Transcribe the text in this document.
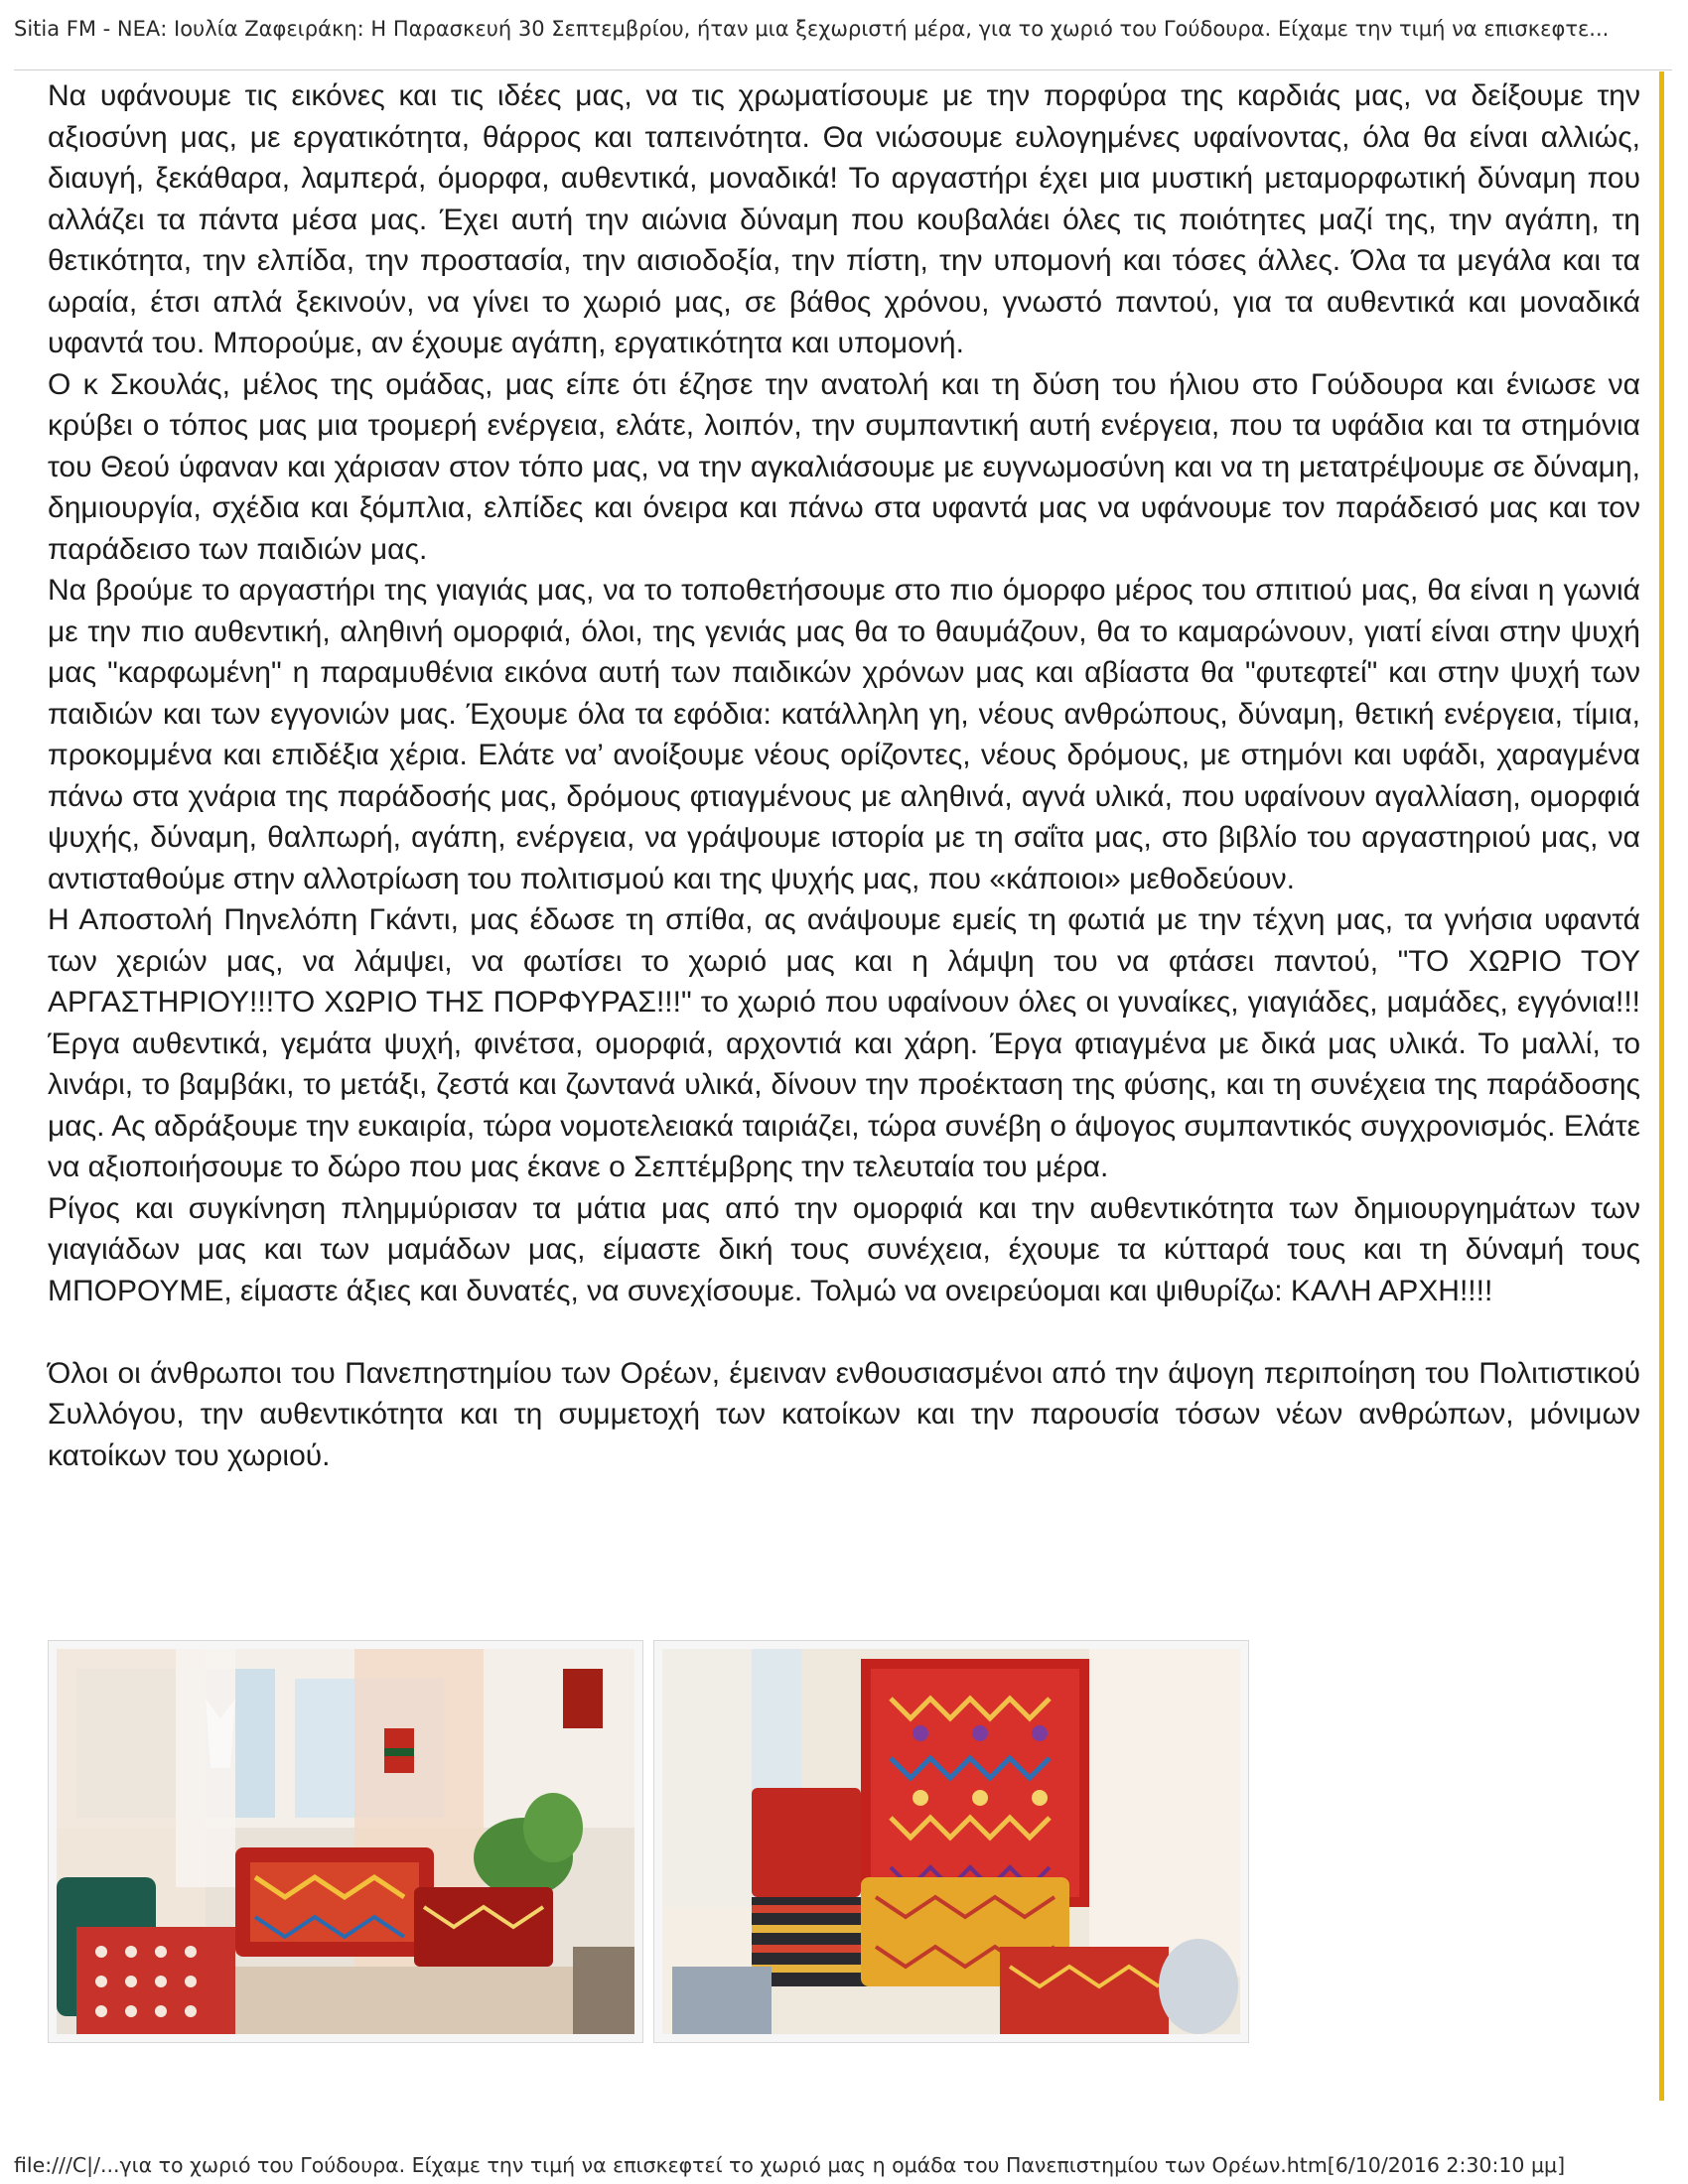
Sitia FM - ΝΕΑ: Ιουλία Ζαφειράκη: Η Παρασκευή 30 Σεπτεμβρίου, ήταν μια ξεχωριστή μέρα, για το χωριό του Γούδουρα. Είχαμε την τιμή να επισκεφτε...

Να υφάνουμε τις εικόνες και τις ιδέες μας, να τις χρωματίσουμε με την πορφύρα της καρδιάς μας, να δείξουμε την αξιοσύνη μας, με εργατικότητα, θάρρος και ταπεινότητα. Θα νιώσουμε ευλογημένες υφαίνοντας, όλα θα είναι αλλιώς, διαυγή, ξεκάθαρα, λαμπερά, όμορφα, αυθεντικά, μοναδικά! Το αργαστήρι έχει μια μυστική μεταμορφωτική δύναμη που αλλάζει τα πάντα μέσα μας. Έχει αυτή την αιώνια δύναμη που κουβαλάει όλες τις ποιότητες μαζί της, την αγάπη, τη θετικότητα, την ελπίδα, την προστασία, την αισιοδοξία, την πίστη, την υπομονή και τόσες άλλες. Όλα τα μεγάλα και τα ωραία, έτσι απλά ξεκινούν, να γίνει το χωριό μας, σε βάθος χρόνου, γνωστό παντού, για τα αυθεντικά και μοναδικά υφαντά του. Μπορούμε, αν έχουμε αγάπη, εργατικότητα και υπομονή.

Ο κ Σκουλάς, μέλος της ομάδας, μας είπε ότι έζησε την ανατολή και τη δύση του ήλιου στο Γούδουρα και ένιωσε να κρύβει ο τόπος μας μια τρομερή ενέργεια, ελάτε, λοιπόν, την συμπαντική αυτή ενέργεια, που τα υφάδια και τα στημόνια του Θεού ύφαναν και χάρισαν στον τόπο μας, να την αγκαλιάσουμε με ευγνωμοσύνη και να τη μετατρέψουμε σε δύναμη, δημιουργία, σχέδια και ξόμπλια, ελπίδες και όνειρα και πάνω στα υφαντά μας να υφάνουμε τον παράδεισό μας και τον παράδεισο των παιδιών μας.

Να βρούμε το αργαστήρι της γιαγιάς μας, να το τοποθετήσουμε στο πιο όμορφο μέρος του σπιτιού μας, θα είναι η γωνιά με την πιο αυθεντική, αληθινή ομορφιά, όλοι, της γενιάς μας θα το θαυμάζουν, θα το καμαρώνουν, γιατί είναι στην ψυχή μας "καρφωμένη" η παραμυθένια εικόνα αυτή των παιδικών χρόνων μας και αβίαστα θα "φυτεφτεί" και στην ψυχή των παιδιών και των εγγονιών μας. Έχουμε όλα τα εφόδια: κατάλληλη γη, νέους ανθρώπους, δύναμη, θετική ενέργεια, τίμια, προκομμένα και επιδέξια χέρια. Ελάτε να’ ανοίξουμε νέους ορίζοντες, νέους δρόμους, με στημόνι και υφάδι, χαραγμένα πάνω στα χνάρια της παράδοσής μας, δρόμους φτιαγμένους με αληθινά, αγνά υλικά, που υφαίνουν αγαλλίαση, ομορφιά ψυχής, δύναμη, θαλπωρή, αγάπη, ενέργεια, να γράψουμε ιστορία με τη σαΐτα μας, στο βιβλίο του αργαστηριού μας, να αντισταθούμε στην αλλοτρίωση του πολιτισμού και της ψυχής μας, που «κάποιοι» μεθοδεύουν.

Η Αποστολή Πηνελόπη Γκάντι, μας έδωσε τη σπίθα, ας ανάψουμε εμείς τη φωτιά με την τέχνη μας, τα γνήσια υφαντά των χεριών μας, να λάμψει, να φωτίσει το χωριό μας και η λάμψη του να φτάσει παντού, "ΤΟ ΧΩΡΙΟ ΤΟΥ ΑΡΓΑΣΤΗΡΙΟΥ!!!ΤΟ ΧΩΡΙΟ ΤΗΣ ΠΟΡΦΥΡΑΣ!!!" το χωριό που υφαίνουν όλες οι γυναίκες, γιαγιάδες, μαμάδες, εγγόνια!!!Έργα αυθεντικά, γεμάτα ψυχή, φινέτσα, ομορφιά, αρχοντιά και χάρη. Έργα φτιαγμένα με δικά μας υλικά. Το μαλλί, το λινάρι, το βαμβάκι, το μετάξι, ζεστά και ζωντανά υλικά, δίνουν την προέκταση της φύσης, και τη συνέχεια της παράδοσης μας. Ας αδράξουμε την ευκαιρία, τώρα νομοτελειακά ταιριάζει, τώρα συνέβη ο άψογος συμπαντικός συγχρονισμός. Ελάτε να αξιοποιήσουμε το δώρο που μας έκανε ο Σεπτέμβρης την τελευταία του μέρα.

Ρίγος και συγκίνηση πλημμύρισαν τα μάτια μας από την ομορφιά και την αυθεντικότητα των δημιουργημάτων των γιαγιάδων μας και των μαμάδων μας, είμαστε δική τους συνέχεια, έχουμε τα κύτταρά τους και τη δύναμή τους ΜΠΟΡΟΥΜΕ, είμαστε άξιες και δυνατές, να συνεχίσουμε. Τολμώ να ονειρεύομαι και ψιθυρίζω: ΚΑΛΗ ΑΡΧΗ!!!!

Όλοι οι άνθρωποι του Πανεπηστημίου των Ορέων, έμειναν ενθουσιασμένοι από την άψογη περιποίηση του Πολιτιστικού Συλλόγου, την αυθεντικότητα και τη συμμετοχή των κατοίκων και την παρουσία τόσων νέων ανθρώπων, μόνιμων κατοίκων του χωριού.

file:///C|/...για το χωριό του Γούδουρα. Είχαμε την τιμή να επισκεφτεί το χωριό μας η ομάδα του Πανεπιστημίου των Ορέων.htm[6/10/2016 2:30:10 μμ]
